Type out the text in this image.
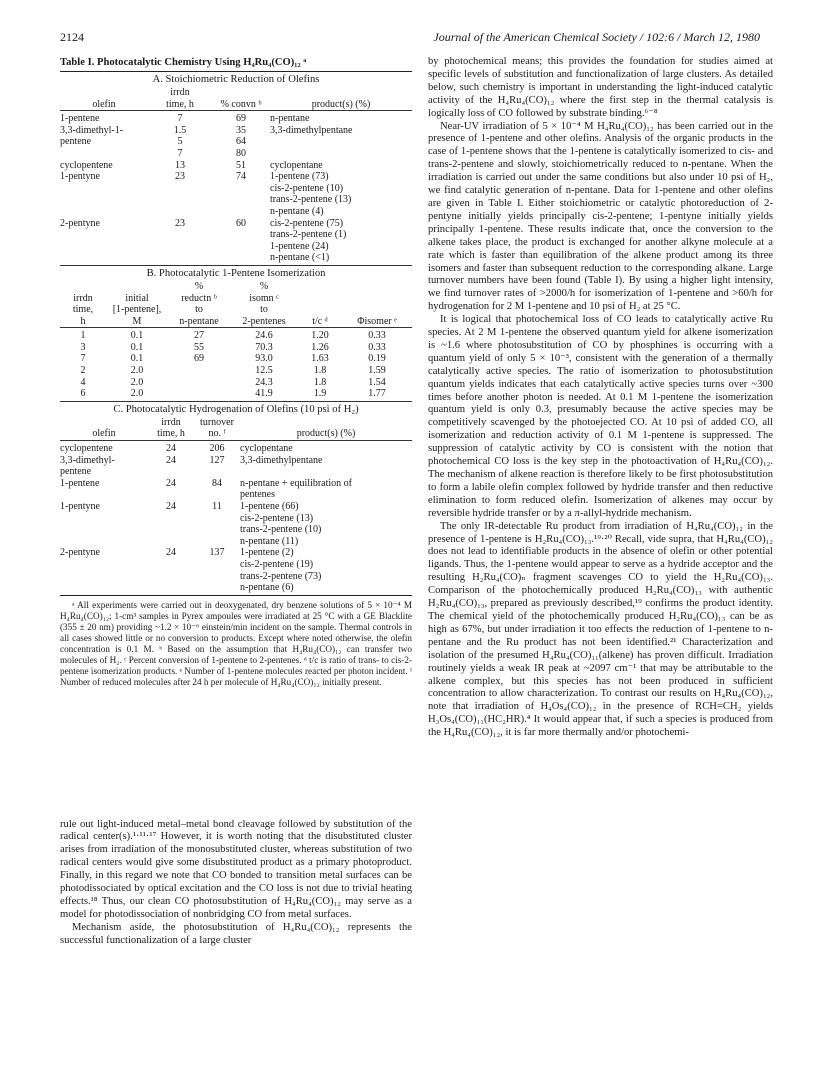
2124	Journal of the American Chemical Society / 102:6 / March 12, 1980
Table I. Photocatalytic Chemistry Using H₄Ru₄(CO)₁₂ ᵃ
A. Stoichiometric Reduction of Olefins
	irrdn		
olefin	time, h	% convn ᵇ	product(s) (%)

1-pentene	7	69	n-pentane
3,3-dimethyl-1-	1.5	35	3,3-dimethylpentane
pentene	5	64	
	7	80	
cyclopentene	13	51	cyclopentane
1-pentyne	23	74	1-pentene (73)
			cis-2-pentene (10)
			trans-2-pentene (13)
			n-pentane (4)
2-pentyne	23	60	cis-2-pentene (75)
			trans-2-pentene (1)
			1-pentene (24)
			n-pentane (<1)
B. Photocatalytic 1-Pentene Isomerization
		%	%		
irrdn	initial	reductn ᵇ	isomn ᶜ		
time,	[1-pentene],	to	to		
h	M	n-pentane	2-pentenes	t/c ᵈ	Φisomer ᵉ

1	0.1	27	24.6	1.20	0.33
3	0.1	55	70.3	1.26	0.33
7	0.1	69	93.0	1.63	0.19
2	2.0		12.5	1.8	1.59
4	2.0		24.3	1.8	1.54
6	2.0		41.9	1.9	1.77
C. Photocatalytic Hydrogenation of Olefins (10 psi of H₂)
	irrdn	turnover	
olefin	time, h	no. ᶠ	product(s) (%)

cyclopentene	24	206	cyclopentane
3,3-dimethyl-	24	127	3,3-dimethylpentane
pentene			
1-pentene	24	84	n-pentane + equilibration of
			pentenes
1-pentyne	24	11	1-pentene (66)
			cis-2-pentene (13)
			trans-2-pentene (10)
			n-pentane (11)
2-pentyne	24	137	1-pentene (2)
			cis-2-pentene (19)
			trans-2-pentene (73)
			n-pentane (6)

ᵃ All experiments were carried out in deoxygenated, dry benzene solutions of 5 × 10⁻⁴ M H₄Ru₄(CO)₁₂; 1-cm³ samples in Pyrex ampoules were irradiated at 25 °C with a GE Blacklite (355 ± 20 nm) providing ~1.2 × 10⁻⁶ einstein/min incident on the sample. Thermal controls in all cases showed little or no conversion to products. Except where noted otherwise, the olefin concentration is 0.1 M. ᵇ Based on the assumption that H₄Ru₄(CO)₁₂ can transfer two molecules of H₂. ᶜ Percent conversion of 1-pentene to 2-pentenes. ᵈ t/c is ratio of trans- to cis-2-pentene isomerization products. ᵉ Number of 1-pentene molecules reacted per photon incident. ᶠ Number of reduced molecules after 24 h per molecule of H₄Ru₄(CO)₁₂ initially present.

rule out light-induced metal–metal bond cleavage followed by substitution of the radical center(s).¹·¹¹·¹⁷ However, it is worth noting that the disubstituted cluster arises from irradiation of the monosubstituted cluster, whereas substitution of two radical centers would give some disubstituted product as a primary photoproduct. Finally, in this regard we note that CO bonded to transition metal surfaces can be photodissociated by optical excitation and the CO loss is not due to trivial heating effects.¹⁸ Thus, our clean CO photosubstitution of H₄Ru₄(CO)₁₂ may serve as a model for photodissociation of nonbridging CO from metal surfaces.

Mechanism aside, the photosubstitution of H₄Ru₄(CO)₁₂ represents the successful functionalization of a large cluster

by photochemical means; this provides the foundation for studies aimed at specific levels of substitution and functionalization of large clusters. As detailed below, such chemistry is important in understanding the light-induced catalytic activity of the H₄Ru₄(CO)₁₂ where the first step in the thermal catalysis is logically loss of CO followed by substrate binding.⁶⁻⁸

Near-UV irradiation of 5 × 10⁻⁴ M H₄Ru₄(CO)₁₂ has been carried out in the presence of 1-pentene and other olefins. Analysis of the organic products in the case of 1-pentene shows that the 1-pentene is catalytically isomerized to cis- and trans-2-pentene and slowly, stoichiometrically reduced to n-pentane. When the irradiation is carried out under the same conditions but also under 10 psi of H₂, we find catalytic generation of n-pentane. Data for 1-pentene and other olefins are given in Table I. Either stoichiometric or catalytic photoreduction of 2-pentyne initially yields principally cis-2-pentene; 1-pentyne initially yields principally 1-pentene. These results indicate that, once the conversion to the alkene takes place, the product is exchanged for another alkyne molecule at a rate which is faster than equilibration of the alkene product among its three isomers and faster than subsequent reduction to the corresponding alkane. Large turnover numbers have been found (Table I). By using a higher light intensity, we find turnover rates of >2000/h for isomerization of 1-pentene and >60/h for hydrogenation for 2 M 1-pentene and 10 psi of H₂ at 25 °C.

It is logical that photochemical loss of CO leads to catalytically active Ru species. At 2 M 1-pentene the observed quantum yield for alkene isomerization is ~1.6 where photosubstitution of CO by phosphines is occurring with a quantum yield of only 5 × 10⁻³, consistent with the generation of a thermally catalytically active species. The ratio of isomerization to photosubstitution quantum yields indicates that each catalytically active species turns over ~300 times before another photon is needed. At 0.1 M 1-pentene the isomerization quantum yield is only 0.3, presumably because the active species may be competitively scavenged by the photoejected CO. At 10 psi of added CO, all isomerization and reduction activity of 0.1 M 1-pentene is suppressed. The suppression of catalytic activity by CO is consistent with the notion that photochemical CO loss is the key step in the photoactivation of H₄Ru₄(CO)₁₂. The mechanism of alkene reaction is therefore likely to be first photosubstitution to form a labile olefin complex followed by hydride transfer and then reductive elimination to form reduced olefin. Isomerization of alkenes may occur by reversible hydride transfer or by a π-allyl-hydride mechanism.

The only IR-detectable Ru product from irradiation of H₄Ru₄(CO)₁₂ in the presence of 1-pentene is H₂Ru₄(CO)₁₃.¹⁹·²⁰ Recall, vide supra, that H₄Ru₄(CO)₁₂ does not lead to identifiable products in the absence of olefin or other potential ligands. Thus, the 1-pentene would appear to serve as a hydride acceptor and the resulting H₂Ru₄(CO)ₙ fragment scavenges CO to yield the H₂Ru₄(CO)₁₃. Comparison of the photochemically produced H₂Ru₄(CO)₁₃ with authentic H₂Ru₄(CO)₁₃, prepared as previously described,¹⁹ confirms the product identity. The chemical yield of the photochemically produced H₂Ru₄(CO)₁₃ can be as high as 67%, but under irradiation it too effects the reduction of 1-pentene to n-pentane and the Ru product has not been identified.²¹ Characterization and isolation of the presumed H₄Ru₄(CO)₁₁(alkene) has proven difficult. Irradiation routinely yields a weak IR peak at ~2097 cm⁻¹ that may be attributable to the alkene complex, but this species has not been produced in sufficient concentration to allow characterization. To contrast our results on H₄Ru₄(CO)₁₂, note that irradiation of H₄Os₄(CO)₁₂ in the presence of RCH=CH₂ yields H₃Os₄(CO)₁₁(HC₂HR).⁴ It would appear that, if such a species is produced from the H₄Ru₄(CO)₁₂, it is far more thermally and/or photochemi-
